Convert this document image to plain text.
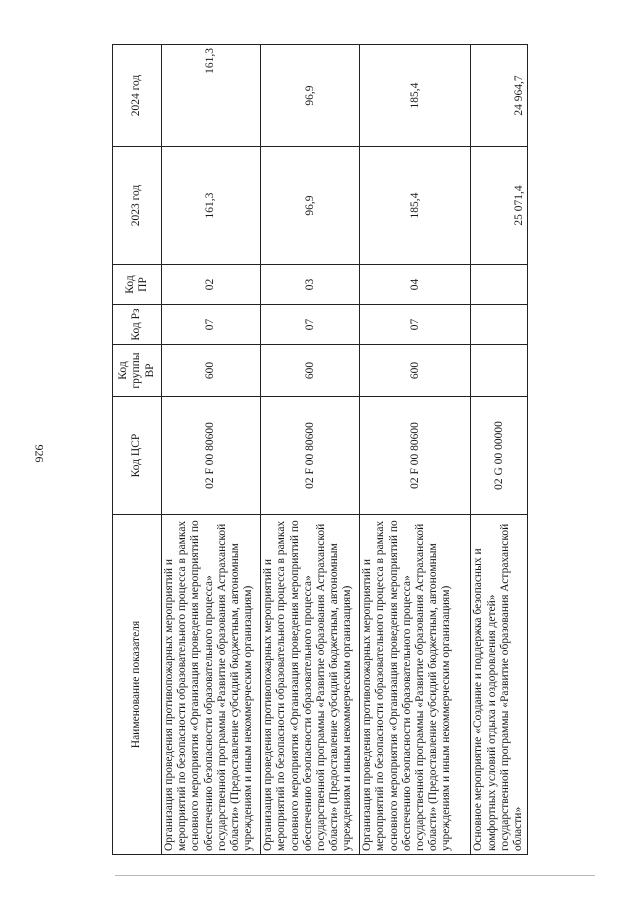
926
Наименование показателя	Код ЦСР	Код группы ВР	Код Рз	Код ПР	2023 год	2024 год
Организация проведения противопожарных мероприятий и мероприятий по безопасности образовательного процесса в рамках основного мероприятия «Организация проведения мероприятий по обеспечению безопасности образовательного процесса» государственной программы «Развитие образования Астраханской области» (Предоставление субсидий бюджетным, автономным учреждениям и иным некоммерческим организациям)	02 F 00 80600	600	07	02	161,3	161,3
Организация проведения противопожарных мероприятий и мероприятий по безопасности образовательного процесса в рамках основного мероприятия «Организация проведения мероприятий по обеспечению безопасности образовательного процесса» государственной программы «Развитие образования Астраханской области» (Предоставление субсидий бюджетным, автономным учреждениям и иным некоммерческим организациям)	02 F 00 80600	600	07	03	96,9	96,9
Организация проведения противопожарных мероприятий и мероприятий по безопасности образовательного процесса в рамках основного мероприятия «Организация проведения мероприятий по обеспечению безопасности образовательного процесса» государственной программы «Развитие образования Астраханской области» (Предоставление субсидий бюджетным, автономным учреждениям и иным некоммерческим организациям)	02 F 00 80600	600	07	04	185,4	185,4
Основное мероприятие «Создание и поддержка безопасных и комфортных условий отдыха и оздоровления детей» государственной программы «Развитие образования Астраханской области»	02 G 00 00000				25 071,4	24 964,7
